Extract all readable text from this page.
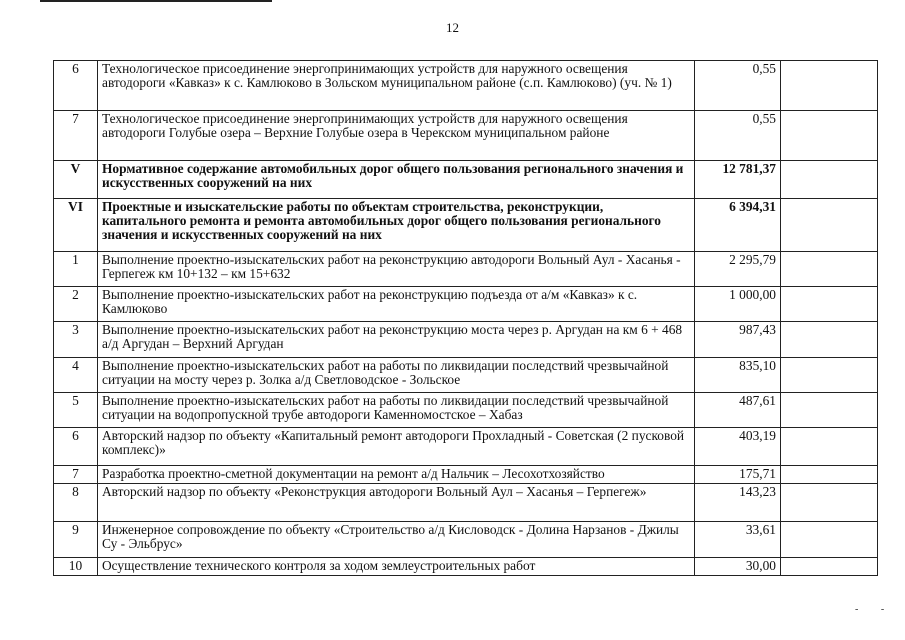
12
6	Технологическое присоединение энергопринимающих устройств для наружного освещения автодороги «Кавказ» к с. Камлюково в Зольском муниципальном районе (с.п. Камлюково) (уч. № 1)	0,55	
7	Технологическое присоединение энергопринимающих устройств для наружного освещения автодороги Голубые озера – Верхние Голубые озера в Черекском муниципальном районе	0,55	
V	Нормативное содержание автомобильных дорог общего пользования регионального значения и искусственных сооружений на них	12 781,37	
VI	Проектные и изыскательские работы по объектам строительства, реконструкции, капитального ремонта и ремонта автомобильных дорог общего пользования регионального значения и искусственных сооружений на них	6 394,31	
1	Выполнение проектно-изыскательских работ на реконструкцию автодороги Вольный Аул - Хасанья - Герпегеж км 10+132 – км 15+632	2 295,79	
2	Выполнение проектно-изыскательских работ на реконструкцию подъезда от а/м «Кавказ» к с. Камлюково	1 000,00	
3	Выполнение проектно-изыскательских работ на реконструкцию моста через р. Аргудан на км 6 + 468 а/д Аргудан – Верхний Аргудан	987,43	
4	Выполнение проектно-изыскательских работ на работы по ликвидации последствий чрезвычайной ситуации на мосту через р. Золка а/д Светловодское - Зольское	835,10	
5	Выполнение проектно-изыскательских работ на работы по ликвидации последствий чрезвычайной ситуации на водопропускной трубе автодороги Каменномостское – Хабаз	487,61	
6	Авторский надзор по объекту «Капитальный ремонт автодороги Прохладный - Советская (2 пусковой комплекс)»	403,19	
7	Разработка проектно-сметной документации на ремонт а/д Нальчик – Лесохотхозяйство	175,71	
8	Авторский надзор по объекту «Реконструкция автодороги Вольный Аул – Хасанья – Герпегеж»	143,23	
9	Инженерное сопровождение по объекту «Строительство а/д Кисловодск - Долина Нарзанов - Джилы Су - Эльбрус»	33,61	
10	Осуществление технического контроля за ходом землеустроительных работ	30,00	
- -
